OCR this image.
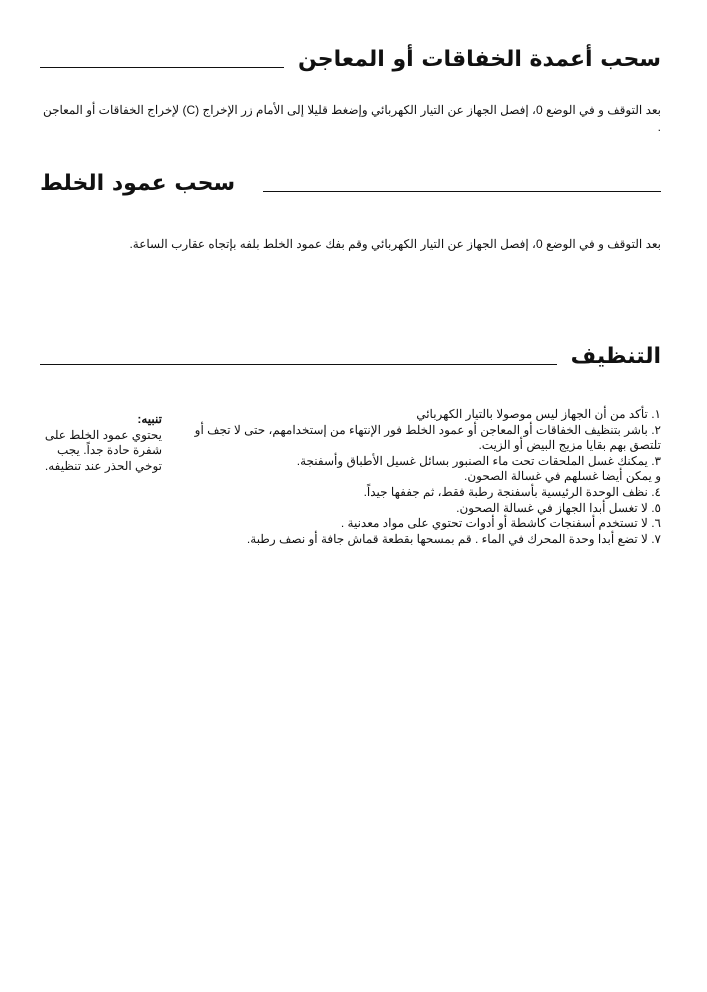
سحب أعمدة الخفاقات أو المعاجن
بعد التوقف و في الوضع 0، إفصل الجهاز عن التيار الكهربائي وإضغط قليلا إلى الأمام زر الإخراج (C) لإخراج الخفاقات أو المعاجن .
سحب عمود الخلط
بعد التوقف و في الوضع 0، إفصل الجهاز عن التيار الكهربائي وقم بفك عمود الخلط بلفه بإتجاه عقارب الساعة.
التنظيف
١. تأكد من أن الجهاز ليس موصولا بالتيار الكهربائي
٢. باشر بتنظيف الخفاقات أو المعاجن أو عمود الخلط فور الإنتهاء من إستخدامهم، حتى لا تجف أو تلتصق بهم بقايا مزيج البيض أو الزيت.
٣. يمكنك غسل الملحقات تحت ماء الصنبور بسائل غسيل الأطباق وأسفنجة.
و يمكن أيضا غسلهم في غسالة الصحون.
٤. نظف الوحدة الرئيسية بأسفنجة رطبة فقط، ثم جففها جيداً.
٥. لا تغسل أبدا الجهاز في غسالة الصحون.
٦. لا تستخدم أسفنجات كاشطة أو أدوات تحتوي على مواد معدنية .
٧. لا تضع أبدا وحدة المحرك في الماء . قم بمسحها بقطعة قماش جافة أو نصف رطبة.
تنبيه:
يحتوي عمود الخلط على شفرة حادة جداً. يجب توخي الحذر عند تنظيفه.
